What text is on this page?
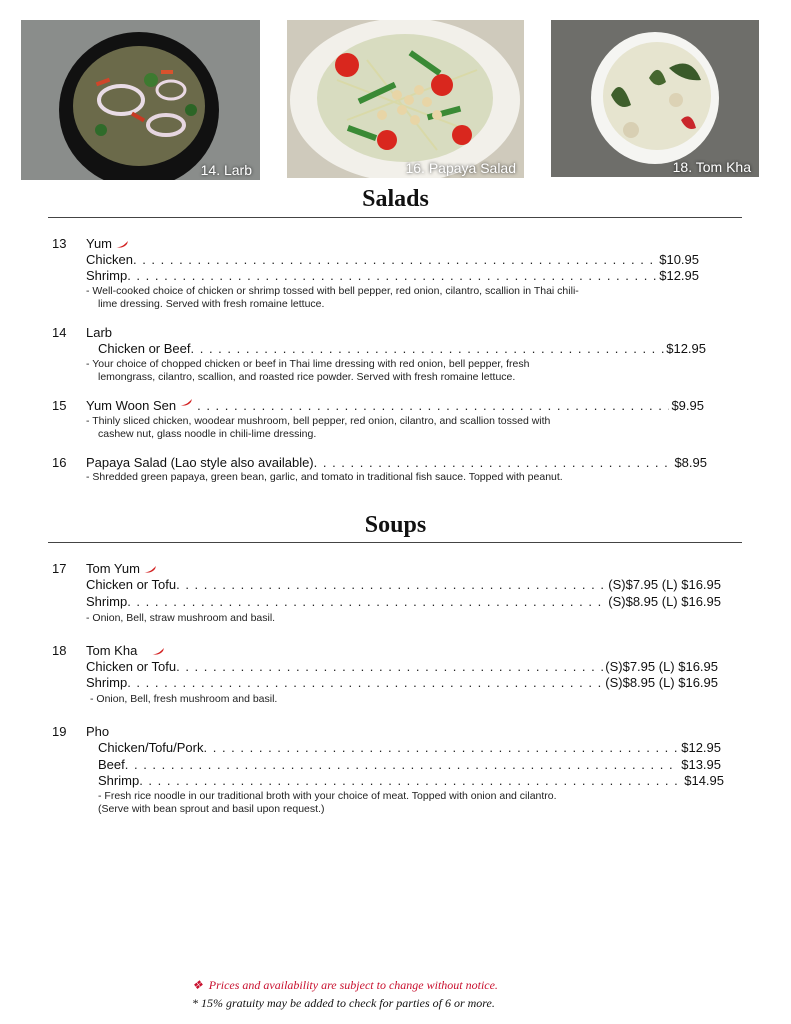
14. Larb	16. Papaya Salad	18. Tom Kha
Salads
13 Yum
Chicken . . .	$10.95
Shrimp . . .	$12.95
- Well-cooked choice of chicken or shrimp tossed with bell pepper, red onion, cilantro, scallion in Thai chili-
lime dressing. Served with fresh romaine lettuce.
14 Larb
Chicken or Beef . . .	$12.95
- Your choice of chopped chicken or beef in Thai lime dressing with red onion, bell pepper, fresh
lemongrass, cilantro, scallion, and roasted rice powder. Served with fresh romaine lettuce.
15 Yum Woon Sen . . .	$9.95
- Thinly sliced chicken, woodear mushroom, bell pepper, red onion, cilantro, and scallion tossed with
cashew nut, glass noodle in chili-lime dressing.
16 Papaya Salad (Lao style also available) . . .	$8.95
- Shredded green papaya, green bean, garlic, and tomato in traditional fish sauce. Topped with peanut.
Soups
17 Tom Yum
Chicken or Tofu . . .	(S)$7.95 (L) $16.95
Shrimp . . .	(S)$8.95 (L) $16.95
- Onion, Bell, straw mushroom and basil.
18 Tom Kha
Chicken or Tofu . . .	(S)$7.95 (L) $16.95
Shrimp . . .	(S)$8.95 (L) $16.95
- Onion, Bell, fresh mushroom and basil.
19 Pho
Chicken/Tofu/Pork . . .	$12.95
Beef . . .	$13.95
Shrimp . . .	$14.95
- Fresh rice noodle in our traditional broth with your choice of meat. Topped with onion and cilantro.
(Serve with bean sprout and basil upon request.)
❖ Prices and availability are subject to change without notice.
* 15% gratuity may be added to check for parties of 6 or more.
